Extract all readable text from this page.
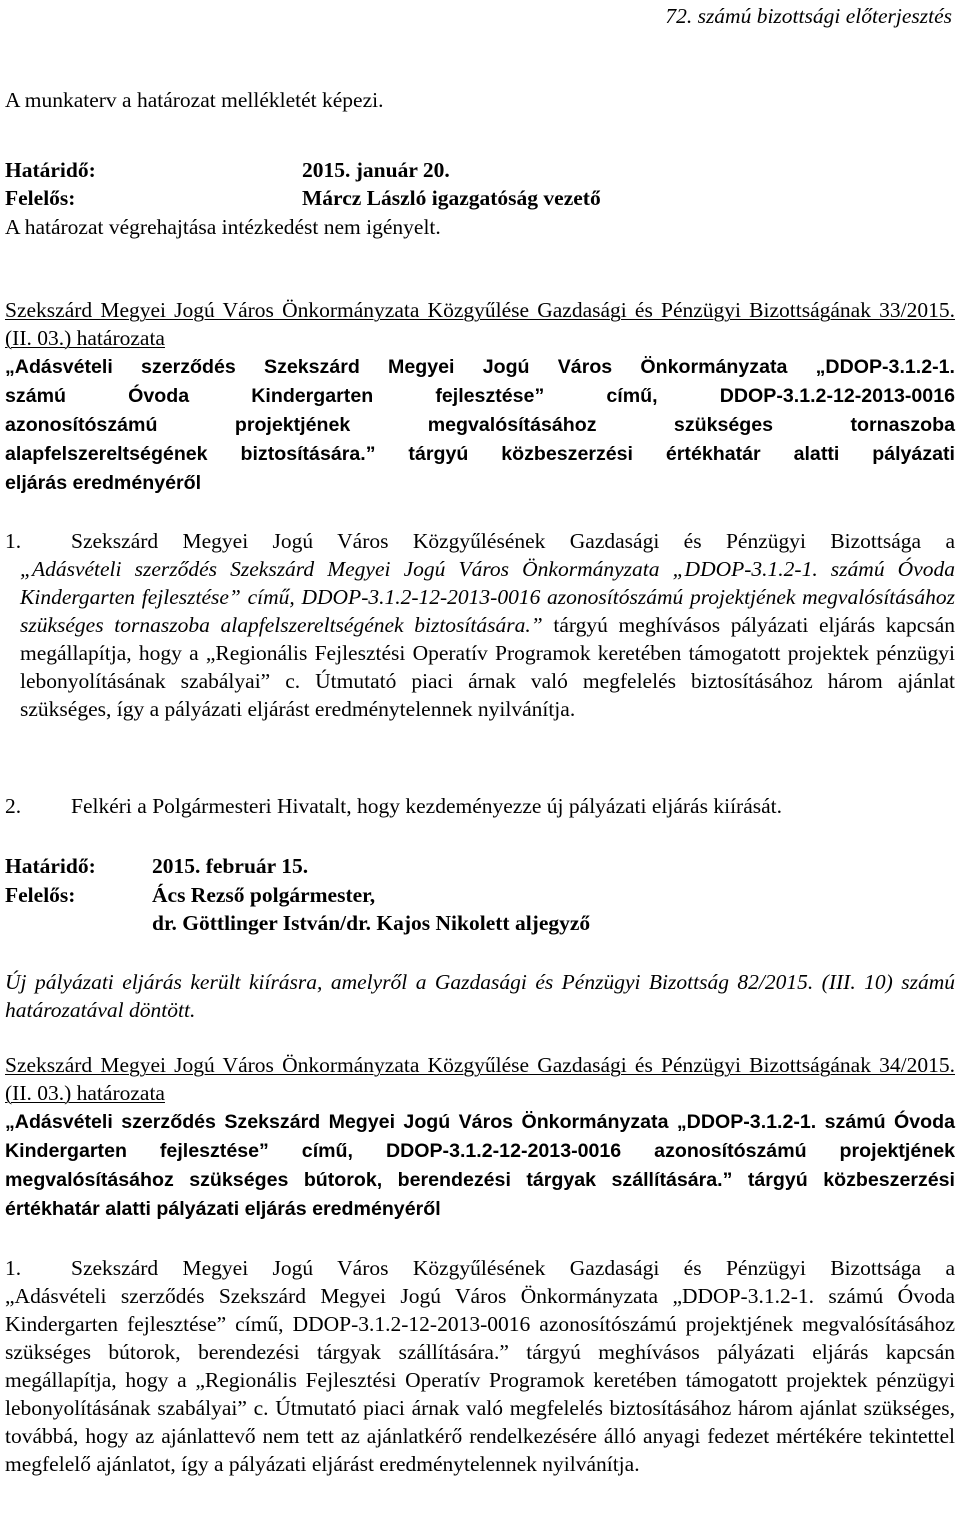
72. számú bizottsági előterjesztés

A munkaterv a határozat mellékletét képezi.

Határidő:	2015. január 20.
Felelős:	Márcz László igazgatóság vezető

A határozat végrehajtása intézkedést nem igényelt.

Szekszárd Megyei Jogú Város Önkormányzata Közgyűlése Gazdasági és Pénzügyi Bizottságának 33/2015. (II. 03.) határozata

„Adásvételi szerződés Szekszárd Megyei Jogú Város Önkormányzata „DDOP-3.1.2-1.
számú Óvoda Kindergarten fejlesztése” című, DDOP-3.1.2-12-2013-0016
azonosítószámú projektjének megvalósításához szükséges tornaszoba
alapfelszereltségének biztosítására.” tárgyú közbeszerzési értékhatár alatti pályázati
eljárás eredményéről
1.	Szekszárd Megyei Jogú Város Közgyűlésének Gazdasági és Pénzügyi Bizottsága a
„Adásvételi szerződés Szekszárd Megyei Jogú Város Önkormányzata „DDOP-3.1.2-1. számú Óvoda Kindergarten fejlesztése” című, DDOP-3.1.2-12-2013-0016 azonosítószámú projektjének megvalósításához szükséges tornaszoba alapfelszereltségének biztosítására.” tárgyú meghívásos pályázati eljárás kapcsán megállapítja, hogy a „Regionális Fejlesztési Operatív Programok keretében támogatott projektek pénzügyi lebonyolításának szabályai” c. Útmutató piaci árnak való megfelelés biztosításához három ajánlat szükséges, így a pályázati eljárást eredménytelennek nyilvánítja.
2. Felkéri a Polgármesteri Hivatalt, hogy kezdeményezze új pályázati eljárás kiírását.
Határidő:	2015. február 15.
Felelős:	Ács Rezső polgármester,
dr. Göttlinger István/dr. Kajos Nikolett aljegyző

Új pályázati eljárás került kiírásra, amelyről a Gazdasági és Pénzügyi Bizottság 82/2015. (III. 10) számú határozatával döntött.

Szekszárd Megyei Jogú Város Önkormányzata Közgyűlése Gazdasági és Pénzügyi Bizottságának 34/2015. (II. 03.) határozata

„Adásvételi szerződés Szekszárd Megyei Jogú Város Önkormányzata „DDOP-3.1.2-1. számú Óvoda Kindergarten fejlesztése” című, DDOP-3.1.2-12-2013-0016 azonosítószámú projektjének megvalósításához szükséges bútorok, berendezési tárgyak szállítására.” tárgyú közbeszerzési értékhatár alatti pályázati eljárás eredményéről

1.	Szekszárd Megyei Jogú Város Közgyűlésének Gazdasági és Pénzügyi Bizottsága a
„Adásvételi szerződés Szekszárd Megyei Jogú Város Önkormányzata „DDOP-3.1.2-1. számú Óvoda Kindergarten fejlesztése” című, DDOP-3.1.2-12-2013-0016 azonosítószámú projektjének megvalósításához szükséges bútorok, berendezési tárgyak szállítására.” tárgyú meghívásos pályázati eljárás kapcsán megállapítja, hogy a „Regionális Fejlesztési Operatív Programok keretében támogatott projektek pénzügyi lebonyolításának szabályai” c. Útmutató piaci árnak való megfelelés biztosításához három ajánlat szükséges, továbbá, hogy az ajánlattevő nem tett az ajánlatkérő rendelkezésére álló anyagi fedezet mértékére tekintettel megfelelő ajánlatot, így a pályázati eljárást eredménytelennek nyilvánítja.
